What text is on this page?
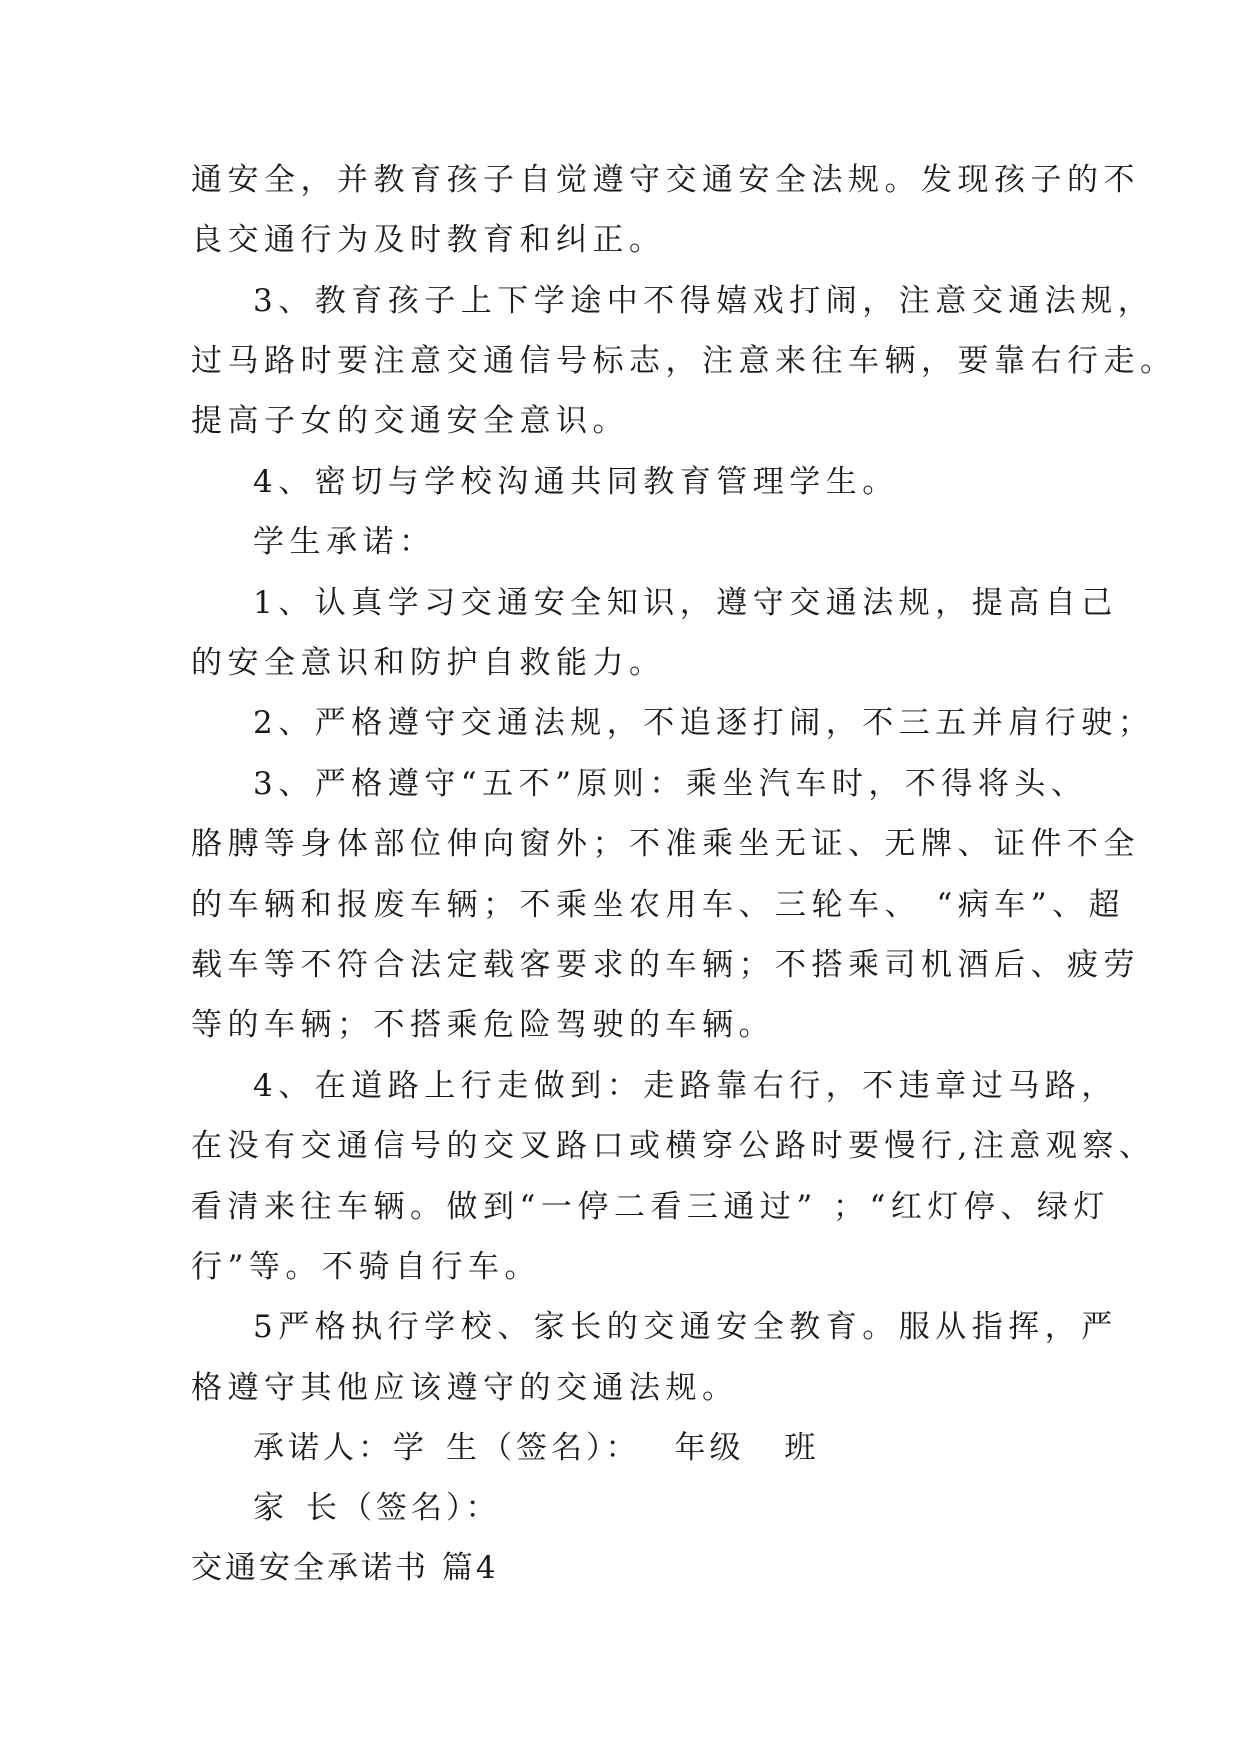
通安全，并教育孩子自觉遵守交通安全法规。发现孩子的不
良交通行为及时教育和纠正。
3、教育孩子上下学途中不得嬉戏打闹，注意交通法规，
过马路时要注意交通信号标志，注意来往车辆，要靠右行走。
提高子女的交通安全意识。
4、密切与学校沟通共同教育管理学生。
学生承诺：
1、认真学习交通安全知识，遵守交通法规，提高自己
的安全意识和防护自救能力。
2、严格遵守交通法规，不追逐打闹，不三五并肩行驶；
3、严格遵守“五不”原则：乘坐汽车时，不得将头、
胳膊等身体部位伸向窗外；不准乘坐无证、无牌、证件不全
的车辆和报废车辆；不乘坐农用车、三轮车、 “病车”、超
载车等不符合法定载客要求的车辆；不搭乘司机酒后、疲劳
等的车辆；不搭乘危险驾驶的车辆。
4、在道路上行走做到：走路靠右行，不违章过马路，
在没有交通信号的交叉路口或横穿公路时要慢行,注意观察、
看清来往车辆。做到“一停二看三通过” ；“红灯停、绿灯
行”等。不骑自行车。
5严格执行学校、家长的交通安全教育。服从指挥，严
格遵守其他应该遵守的交通法规。
承诺人：学 生（签名）： 年级 班
家 长（签名）：
交通安全承诺书 篇4
